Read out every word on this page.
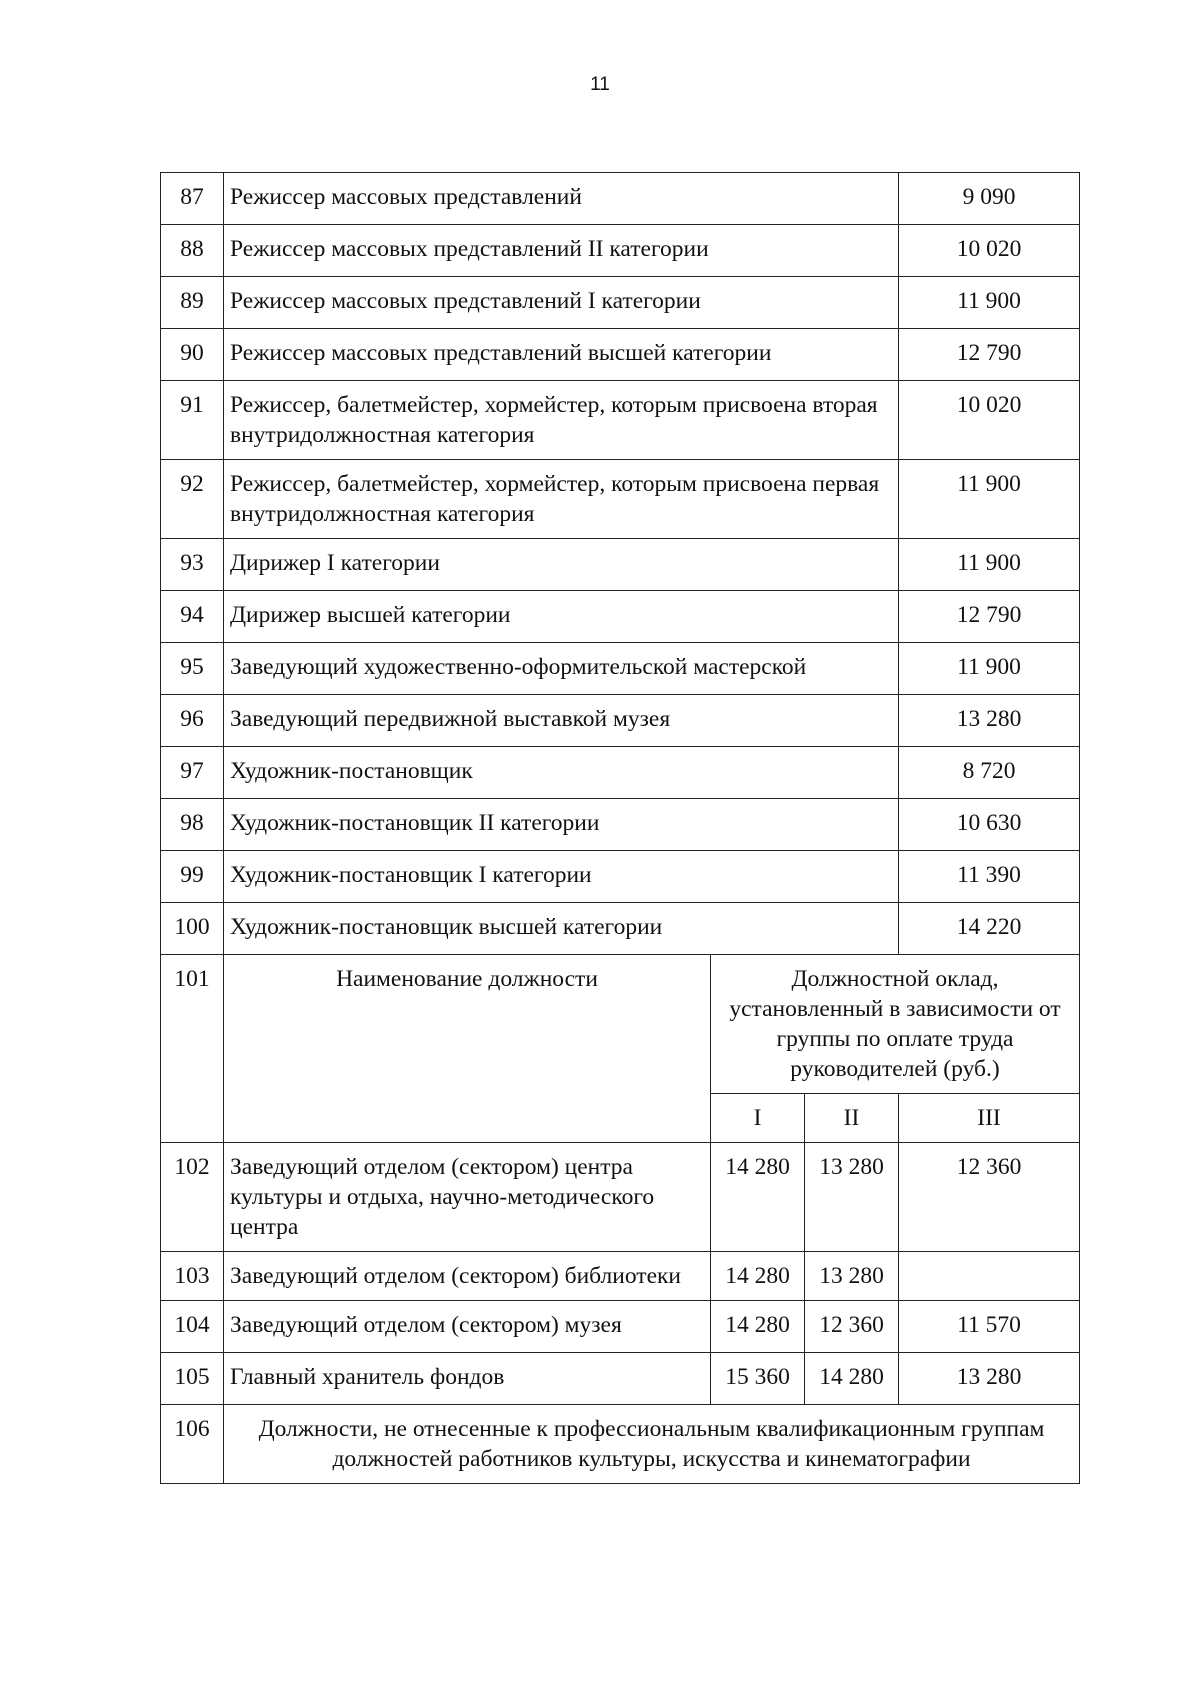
11
87	Режиссер массовых представлений			9 090
88	Режиссер массовых представлений II категории			10 020
89	Режиссер массовых представлений I категории			11 900
90	Режиссер массовых представлений высшей категории			12 790
91	Режиссер, балетмейстер, хормейстер, которым присвоена вторая внутридолжностная категория			10 020
92	Режиссер, балетмейстер, хормейстер, которым присвоена первая внутридолжностная категория			11 900
93	Дирижер I категории			11 900
94	Дирижер высшей категории			12 790
95	Заведующий художественно-оформительской мастерской			11 900
96	Заведующий передвижной выставкой музея			13 280
97	Художник-постановщик			8 720
98	Художник-постановщик II категории			10 630
99	Художник-постановщик I категории			11 390
100	Художник-постановщик высшей категории			14 220
101	Наименование должности	Должностной оклад, установленный в зависимости от группы по оплате труда руководителей (руб.)		
		I	II	III
102	Заведующий отделом (сектором) центра культуры и отдыха, научно-методического центра	14 280	13 280	12 360
103	Заведующий отделом (сектором) библиотеки	14 280	13 280	
104	Заведующий отделом (сектором) музея	14 280	12 360	11 570
105	Главный хранитель фондов	15 360	14 280	13 280
106	Должности, не отнесенные к профессиональным квалификационным группам должностей работников культуры, искусства и кинематографии			
